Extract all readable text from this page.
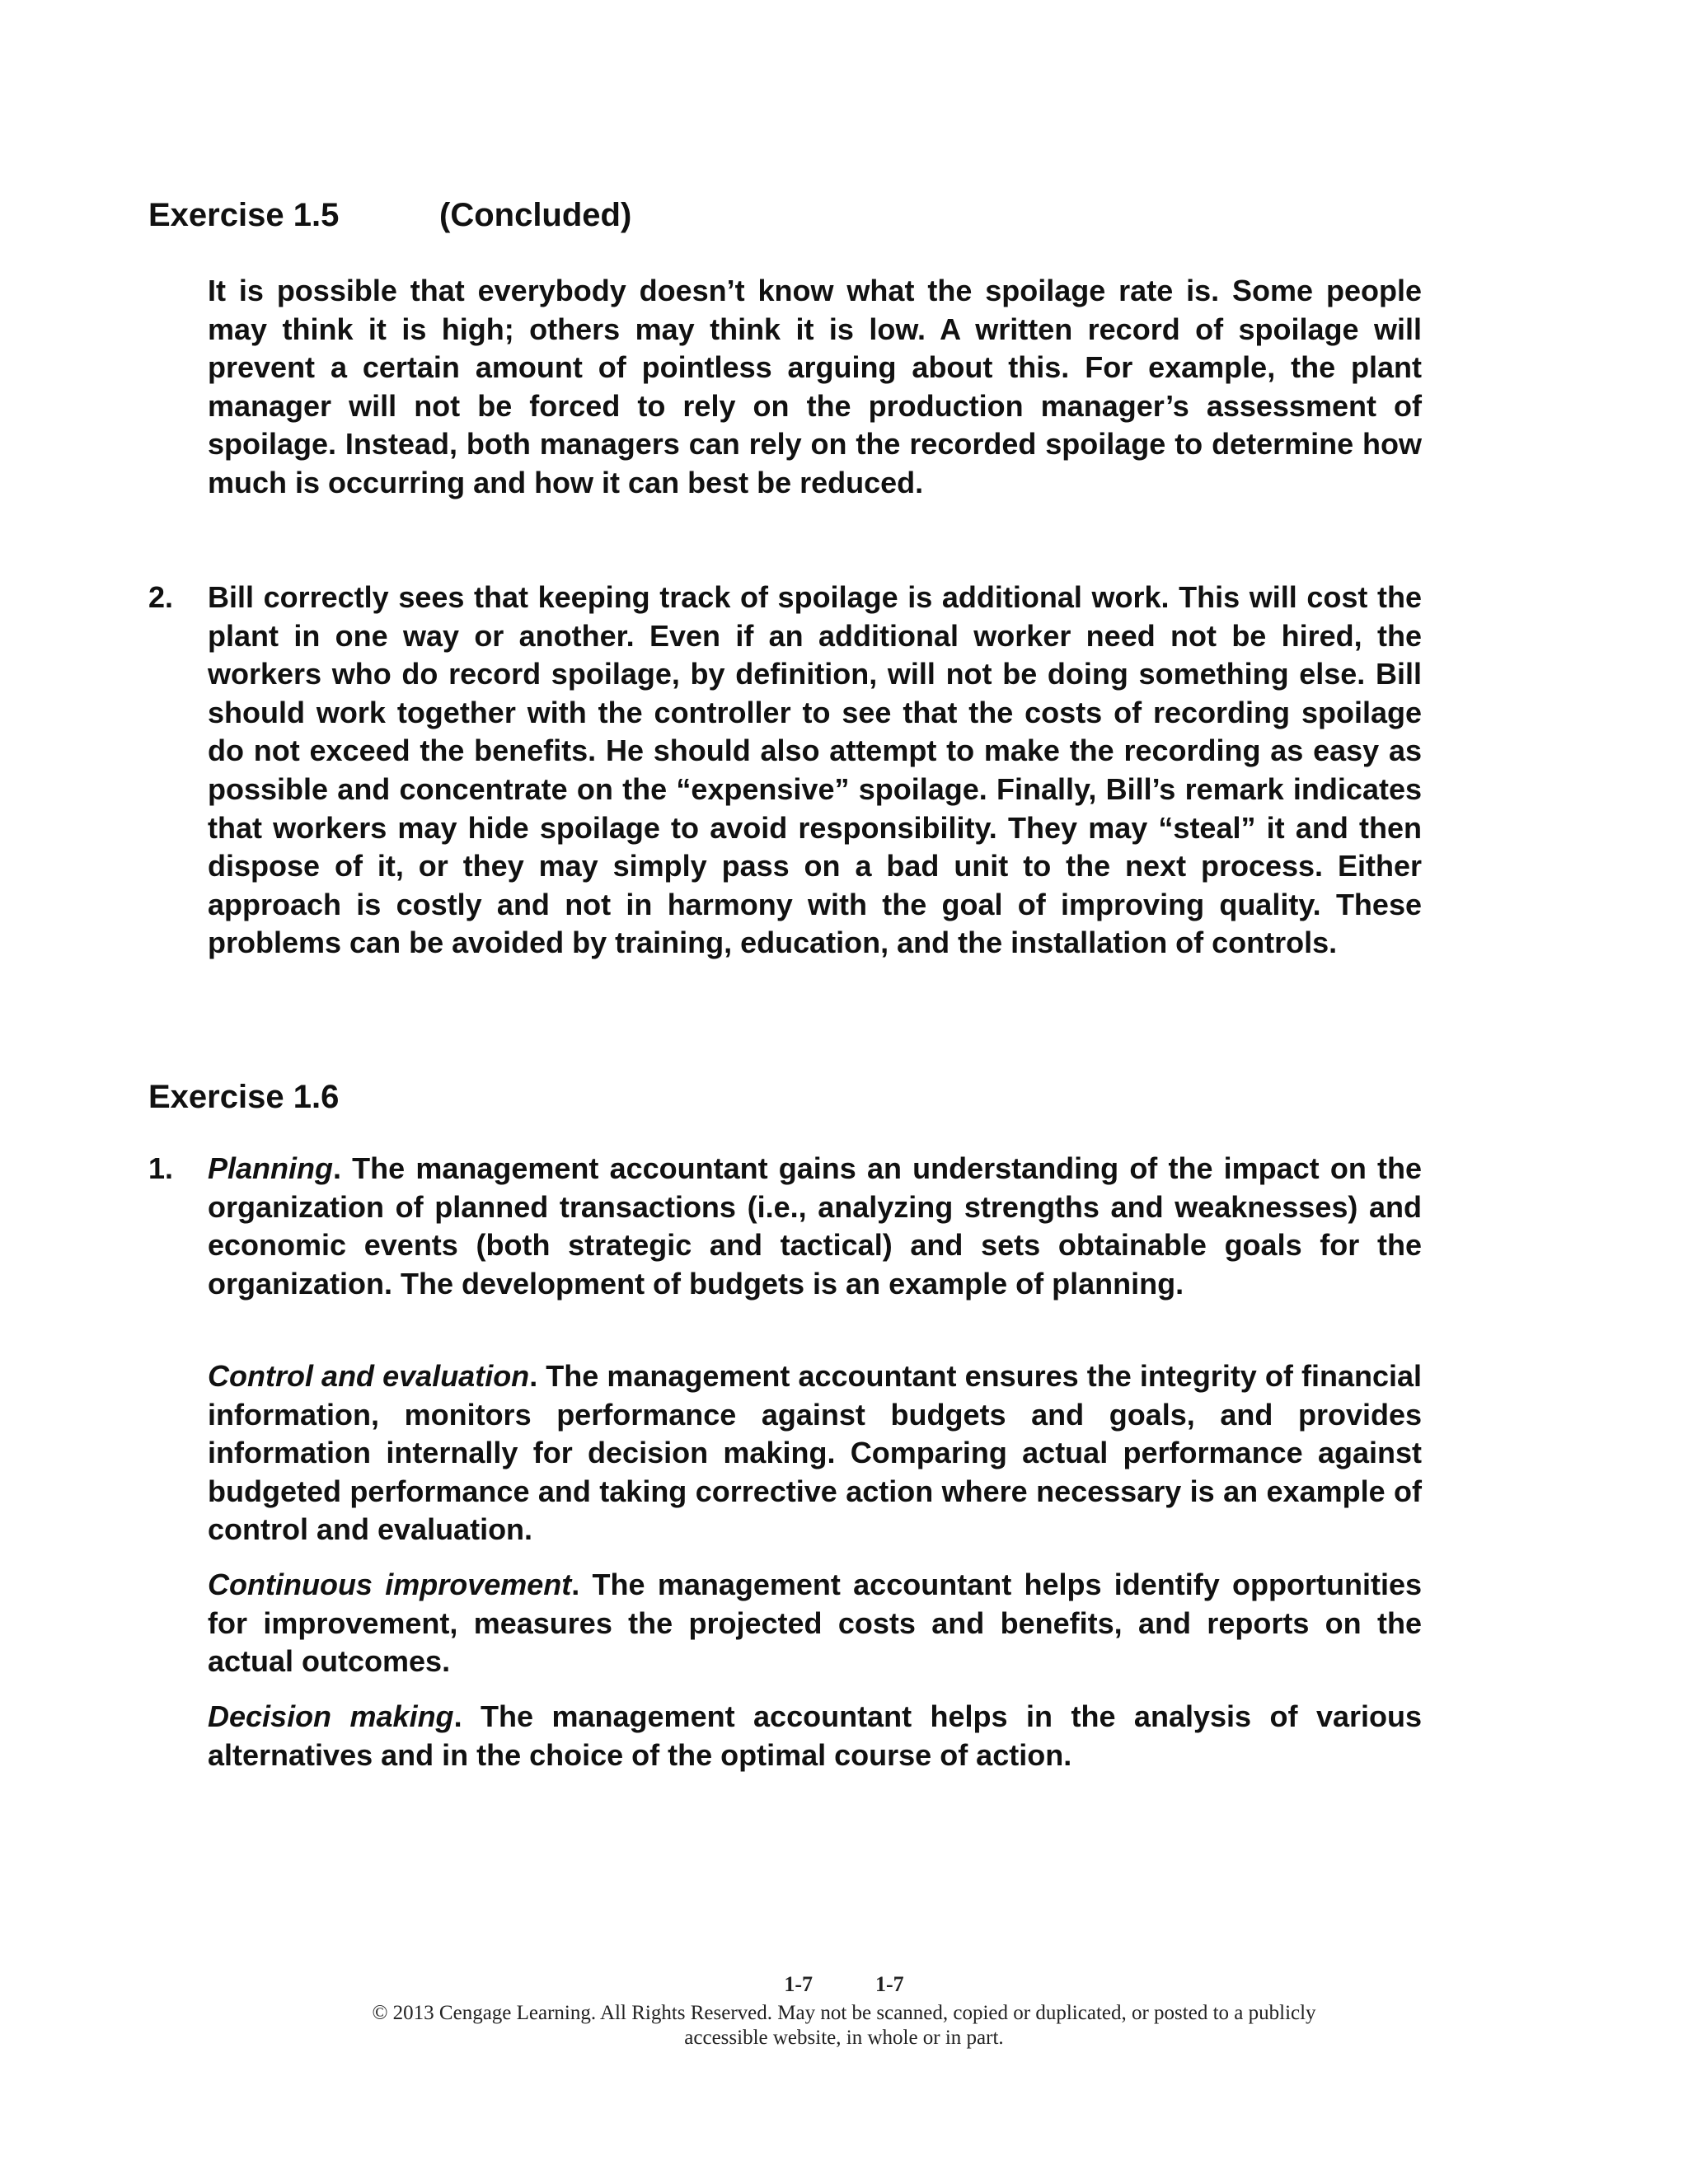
Exercise 1.5	(Concluded)
It is possible that everybody doesn’t know what the spoilage rate is. Some people may think it is high; others may think it is low. A written record of spoilage will prevent a certain amount of pointless arguing about this. For example, the plant manager will not be forced to rely on the production manager’s assessment of spoilage. Instead, both managers can rely on the recorded spoilage to determine how much is occurring and how it can best be reduced.
2. Bill correctly sees that keeping track of spoilage is additional work. This will cost the plant in one way or another. Even if an additional worker need not be hired, the workers who do record spoilage, by definition, will not be doing something else. Bill should work together with the controller to see that the costs of recording spoilage do not exceed the benefits. He should also attempt to make the recording as easy as possible and concentrate on the “expensive” spoilage. Finally, Bill’s remark indicates that workers may hide spoilage to avoid responsibility. They may “steal” it and then dispose of it, or they may simply pass on a bad unit to the next process. Either approach is costly and not in harmony with the goal of improving quality. These problems can be avoided by training, education, and the installation of controls.
Exercise 1.6
1. Planning. The management accountant gains an understanding of the impact on the organization of planned transactions (i.e., analyzing strengths and weaknesses) and economic events (both strategic and tactical) and sets obtainable goals for the organization. The development of budgets is an example of planning.
Control and evaluation. The management accountant ensures the integrity of financial information, monitors performance against budgets and goals, and provides information internally for decision making. Comparing actual performance against budgeted performance and taking corrective action where necessary is an example of control and evaluation.
Continuous improvement. The management accountant helps identify opportunities for improvement, measures the projected costs and benefits, and reports on the actual outcomes.
Decision making. The management accountant helps in the analysis of various alternatives and in the choice of the optimal course of action.
1-7	1-7
© 2013 Cengage Learning. All Rights Reserved. May not be scanned, copied or duplicated, or posted to a publicly
accessible website, in whole or in part.
